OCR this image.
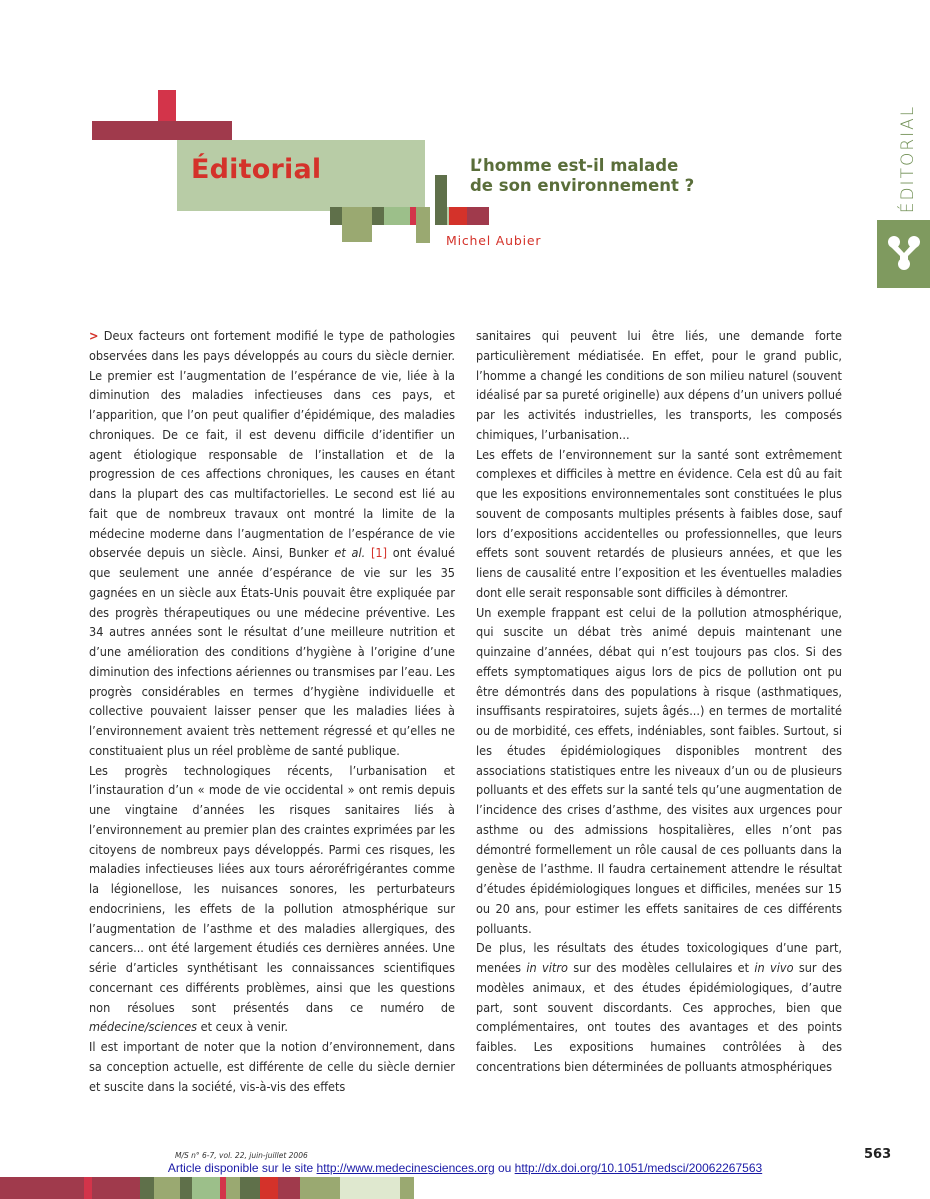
Éditorial	L’homme est-il malade
de son environnement ?
Michel Aubier
ÉDITORIAL

> Deux facteurs ont fortement modifié le type de pathologies observées dans les pays développés au cours du siècle dernier. Le premier est l’augmentation de l’espérance de vie, liée à la diminution des maladies infectieuses dans ces pays, et l’apparition, que l’on peut qualifier d’épidémique, des maladies chroniques. De ce fait, il est devenu difficile d’identifier un agent étiologique responsable de l’installation et de la progression de ces affections chroniques, les causes en étant dans la plupart des cas multifactorielles. Le second est lié au fait que de nombreux travaux ont montré la limite de la médecine moderne dans l’augmentation de l’espérance de vie observée depuis un siècle. Ainsi, Bunker et al. [1] ont évalué que seulement une année d’espérance de vie sur les 35 gagnées en un siècle aux États-Unis pouvait être expliquée par des progrès thérapeutiques ou une médecine préventive. Les 34 autres années sont le résultat d’une meilleure nutrition et d’une amélioration des conditions d’hygiène à l’origine d’une diminution des infections aériennes ou transmises par l’eau. Les progrès considérables en termes d’hygiène individuelle et collective pouvaient laisser penser que les maladies liées à l’environnement avaient très nettement régressé et qu’elles ne constituaient plus un réel problème de santé publique.

Les progrès technologiques récents, l’urbanisation et l’instauration d’un « mode de vie occidental » ont remis depuis une vingtaine d’années les risques sanitaires liés à l’environnement au premier plan des craintes exprimées par les citoyens de nombreux pays développés. Parmi ces risques, les maladies infectieuses liées aux tours aéroréfrigérantes comme la légionellose, les nuisances sonores, les perturbateurs endocriniens, les effets de la pollution atmosphérique sur l’augmentation de l’asthme et des maladies allergiques, des cancers... ont été largement étudiés ces dernières années. Une série d’articles synthétisant les connaissances scientifiques concernant ces différents problèmes, ainsi que les questions non résolues sont présentés dans ce numéro de médecine/sciences et ceux à venir.

Il est important de noter que la notion d’environnement, dans sa conception actuelle, est différente de celle du siècle dernier et suscite dans la société, vis-à-vis des effets

sanitaires qui peuvent lui être liés, une demande forte particulièrement médiatisée. En effet, pour le grand public, l’homme a changé les conditions de son milieu naturel (souvent idéalisé par sa pureté originelle) aux dépens d’un univers pollué par les activités industrielles, les transports, les composés chimiques, l’urbanisation...

Les effets de l’environnement sur la santé sont extrêmement complexes et difficiles à mettre en évidence. Cela est dû au fait que les expositions environnementales sont constituées le plus souvent de composants multiples présents à faibles dose, sauf lors d’expositions accidentelles ou professionnelles, que leurs effets sont souvent retardés de plusieurs années, et que les liens de causalité entre l’exposition et les éventuelles maladies dont elle serait responsable sont difficiles à démontrer.

Un exemple frappant est celui de la pollution atmosphérique, qui suscite un débat très animé depuis maintenant une quinzaine d’années, débat qui n’est toujours pas clos. Si des effets symptomatiques aigus lors de pics de pollution ont pu être démontrés dans des populations à risque (asthmatiques, insuffisants respiratoires, sujets âgés...) en termes de mortalité ou de morbidité, ces effets, indéniables, sont faibles. Surtout, si les études épidémiologiques disponibles montrent des associations statistiques entre les niveaux d’un ou de plusieurs polluants et des effets sur la santé tels qu’une augmentation de l’incidence des crises d’asthme, des visites aux urgences pour asthme ou des admissions hospitalières, elles n’ont pas démontré formellement un rôle causal de ces polluants dans la genèse de l’asthme. Il faudra certainement attendre le résultat d’études épidémiologiques longues et difficiles, menées sur 15 ou 20 ans, pour estimer les effets sanitaires de ces différents polluants.

De plus, les résultats des études toxicologiques d’une part, menées in vitro sur des modèles cellulaires et in vivo sur des modèles animaux, et des études épidémiologiques, d’autre part, sont souvent discordants. Ces approches, bien que complémentaires, ont toutes des avantages et des points faibles. Les expositions humaines contrôlées à des concentrations bien déterminées de polluants atmosphériques

M/S n° 6-7, vol. 22, juin-juillet 2006	563
Article disponible sur le site http://www.medecinesciences.org ou http://dx.doi.org/10.1051/medsci/20062267563
